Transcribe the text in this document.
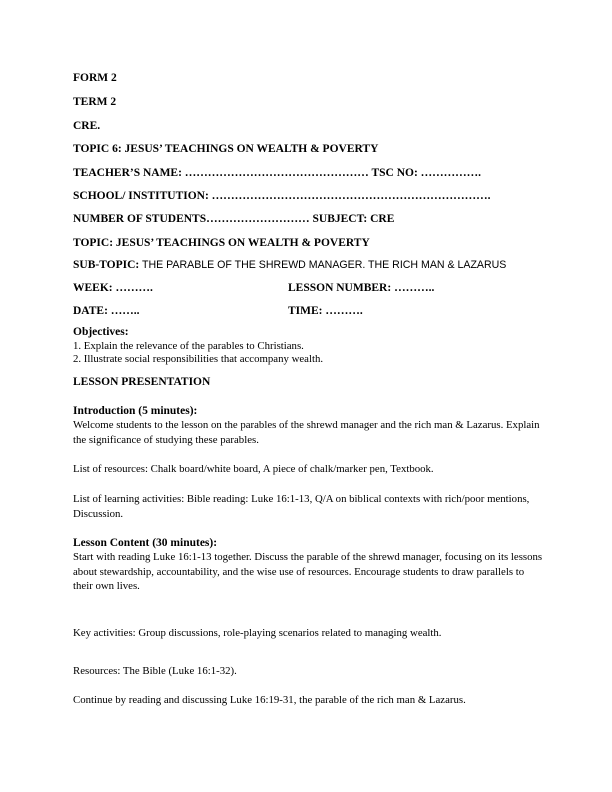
FORM 2
TERM 2
CRE.
TOPIC 6: JESUS’ TEACHINGS ON WEALTH & POVERTY
TEACHER’S NAME: ………………………………………… TSC NO: …………….
SCHOOL/ INSTITUTION: ……………………………………………………………….
NUMBER OF STUDENTS……………………… SUBJECT: CRE
TOPIC: JESUS’ TEACHINGS ON WEALTH & POVERTY
SUB-TOPIC: THE PARABLE OF THE SHREWD MANAGER. THE RICH MAN & LAZARUS
WEEK: ……….	LESSON NUMBER: ………..
DATE: ……..	TIME: ……….
Objectives:
1. Explain the relevance of the parables to Christians.
2. Illustrate social responsibilities that accompany wealth.
LESSON PRESENTATION
Introduction (5 minutes):
Welcome students to the lesson on the parables of the shrewd manager and the rich man & Lazarus. Explain the significance of studying these parables.
List of resources: Chalk board/white board, A piece of chalk/marker pen, Textbook.
List of learning activities: Bible reading: Luke 16:1-13, Q/A on biblical contexts with rich/poor mentions, Discussion.
Lesson Content (30 minutes):
Start with reading Luke 16:1-13 together. Discuss the parable of the shrewd manager, focusing on its lessons about stewardship, accountability, and the wise use of resources. Encourage students to draw parallels to their own lives.
Key activities: Group discussions, role-playing scenarios related to managing wealth.
Resources: The Bible (Luke 16:1-32).
Continue by reading and discussing Luke 16:19-31, the parable of the rich man & Lazarus.
